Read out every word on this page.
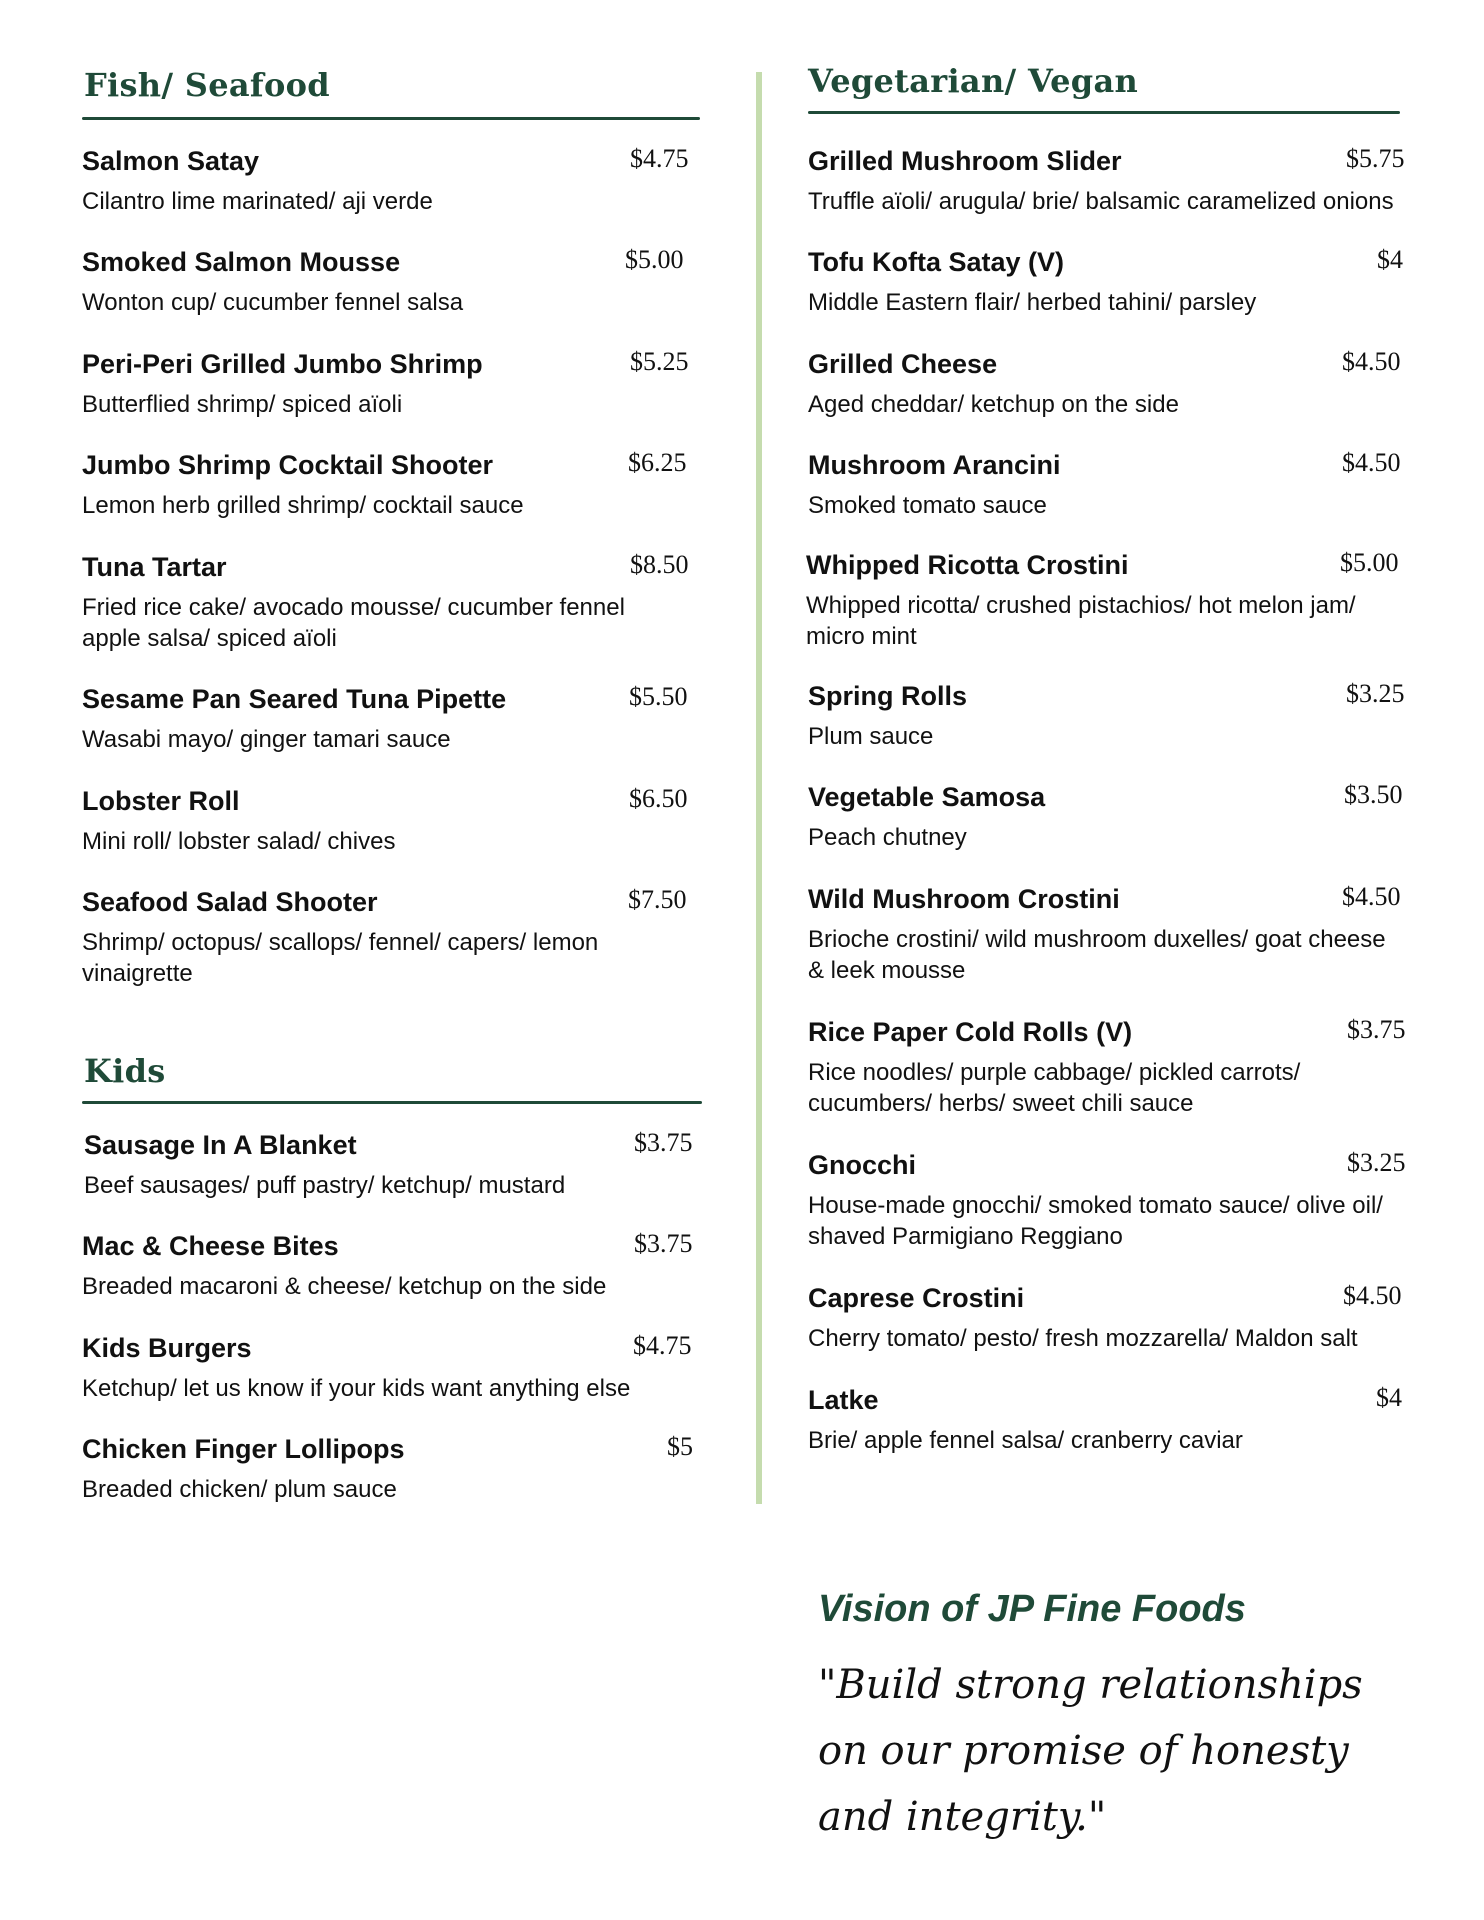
Fish/ Seafood
Salmon Satay	$4.75
Cilantro lime marinated/ aji verde
Smoked Salmon Mousse	$5.00
Wonton cup/ cucumber fennel salsa
Peri-Peri Grilled Jumbo Shrimp	$5.25
Butterflied shrimp/ spiced aïoli
Jumbo Shrimp Cocktail Shooter	$6.25
Lemon herb grilled shrimp/ cocktail sauce
Tuna Tartar	$8.50
Fried rice cake/ avocado mousse/ cucumber fennel apple salsa/ spiced aïoli
Sesame Pan Seared Tuna Pipette	$5.50
Wasabi mayo/ ginger tamari sauce
Lobster Roll	$6.50
Mini roll/ lobster salad/ chives
Seafood Salad Shooter	$7.50
Shrimp/ octopus/ scallops/ fennel/ capers/ lemon vinaigrette
Kids
Sausage In A Blanket	$3.75
Beef sausages/ puff pastry/ ketchup/ mustard
Mac & Cheese Bites	$3.75
Breaded macaroni & cheese/ ketchup on the side
Kids Burgers	$4.75
Ketchup/ let us know if your kids want anything else
Chicken Finger Lollipops	$5
Breaded chicken/ plum sauce
Vegetarian/ Vegan
Grilled Mushroom Slider	$5.75
Truffle aïoli/ arugula/ brie/ balsamic caramelized onions
Tofu Kofta Satay (V)	$4
Middle Eastern flair/ herbed tahini/ parsley
Grilled Cheese	$4.50
Aged cheddar/ ketchup on the side
Mushroom Arancini	$4.50
Smoked tomato sauce
Whipped Ricotta Crostini	$5.00
Whipped ricotta/ crushed pistachios/ hot melon jam/ micro mint
Spring Rolls	$3.25
Plum sauce
Vegetable Samosa	$3.50
Peach chutney
Wild Mushroom Crostini	$4.50
Brioche crostini/ wild mushroom duxelles/ goat cheese & leek mousse
Rice Paper Cold Rolls (V)	$3.75
Rice noodles/ purple cabbage/ pickled carrots/ cucumbers/ herbs/ sweet chili sauce
Gnocchi	$3.25
House-made gnocchi/ smoked tomato sauce/ olive oil/ shaved Parmigiano Reggiano
Caprese Crostini	$4.50
Cherry tomato/ pesto/ fresh mozzarella/ Maldon salt
Latke	$4
Brie/ apple fennel salsa/ cranberry caviar
Vision of JP Fine Foods
"Build strong relationships on our promise of honesty and integrity."
